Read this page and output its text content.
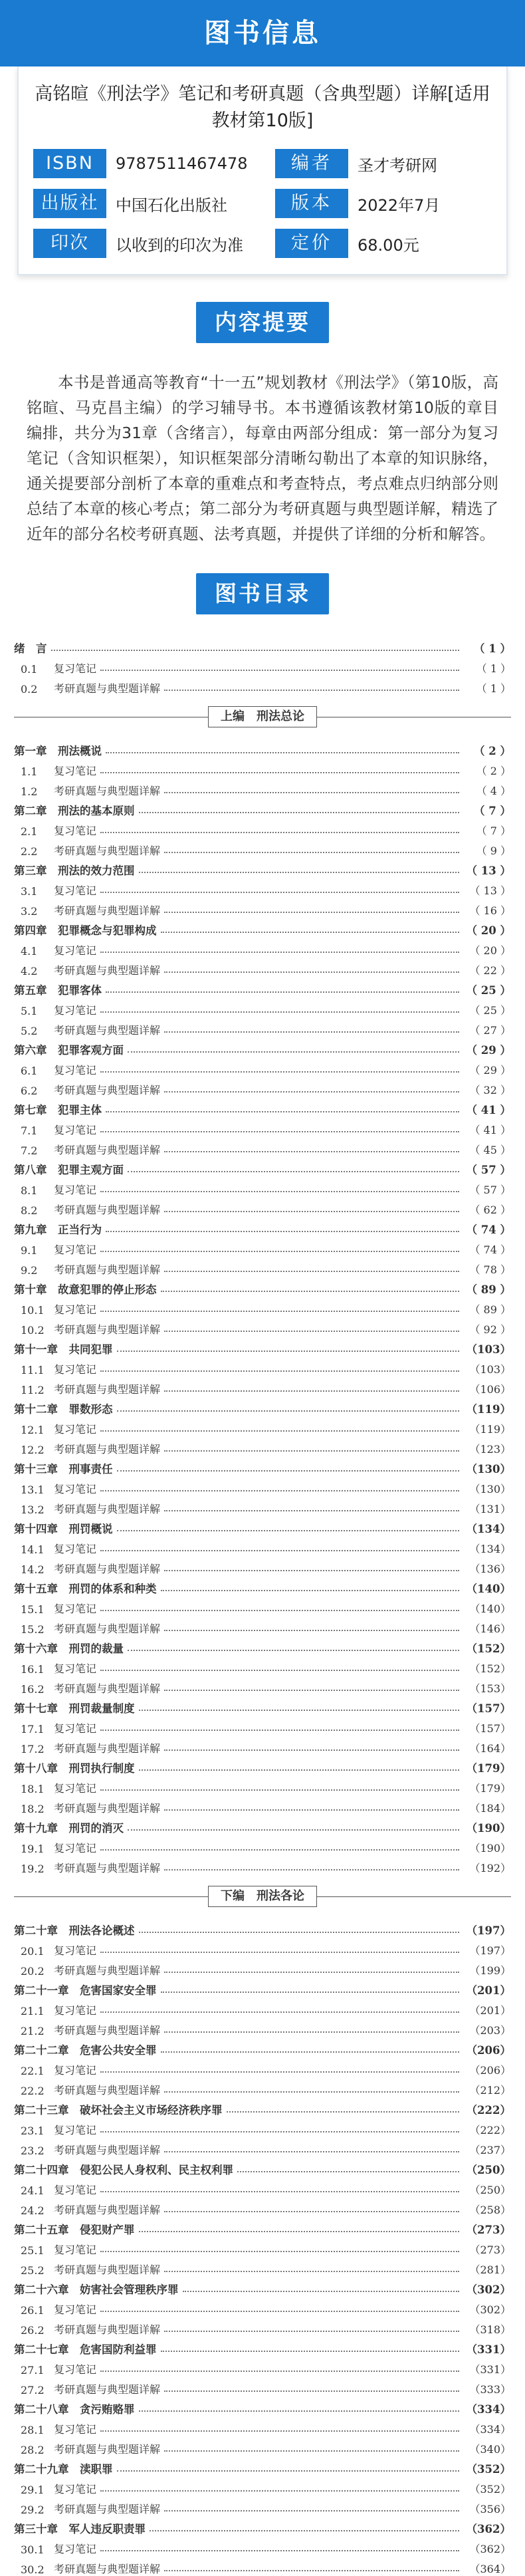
图书信息
高铭暄《刑法学》笔记和考研真题（含典型题）详解[适用教材第10版]
ISBN	9787511467478	编者	圣才考研网
出版社	中国石化出版社	版本	2022年7月
印次	以收到的印次为准	定价	68.00元
内容提要
本书是普通高等教育“十一五”规划教材《刑法学》（第10版，高铭暄、马克昌主编）的学习辅导书。本书遵循该教材第10版的章目编排，共分为31章（含绪言），每章由两部分组成：第一部分为复习笔记（含知识框架），知识框架部分清晰勾勒出了本章的知识脉络，通关提要部分剖析了本章的重难点和考查特点，考点难点归纳部分则总结了本章的核心考点；第二部分为考研真题与典型题详解，精选了近年的部分名校考研真题、法考真题，并提供了详细的分析和解答。
图书目录
绪　言	（ 1 ）
0.1	复习笔记	（ 1 ）
0.2	考研真题与典型题详解	（ 1 ）
上编　刑法总论
第一章 　刑法概说	（ 2 ）
1.1	复习笔记	（ 2 ）
1.2	考研真题与典型题详解	（ 4 ）
第二章 　刑法的基本原则	（ 7 ）
2.1	复习笔记	（ 7 ）
2.2	考研真题与典型题详解	（ 9 ）
第三章 　刑法的效力范围	（ 13 ）
3.1	复习笔记	（ 13 ）
3.2	考研真题与典型题详解	（ 16 ）
第四章 　犯罪概念与犯罪构成	（ 20 ）
4.1	复习笔记	（ 20 ）
4.2	考研真题与典型题详解	（ 22 ）
第五章 　犯罪客体	（ 25 ）
5.1	复习笔记	（ 25 ）
5.2	考研真题与典型题详解	（ 27 ）
第六章 　犯罪客观方面	（ 29 ）
6.1	复习笔记	（ 29 ）
6.2	考研真题与典型题详解	（ 32 ）
第七章 　犯罪主体	（ 41 ）
7.1	复习笔记	（ 41 ）
7.2	考研真题与典型题详解	（ 45 ）
第八章 　犯罪主观方面	（ 57 ）
8.1	复习笔记	（ 57 ）
8.2	考研真题与典型题详解	（ 62 ）
第九章 　正当行为	（ 74 ）
9.1	复习笔记	（ 74 ）
9.2	考研真题与典型题详解	（ 78 ）
第十章 　故意犯罪的停止形态	（ 89 ）
10.1 复习笔记	（ 89 ）
10.2 考研真题与典型题详解	（ 92 ）
第十一章 　共同犯罪	（103）
11.1 复习笔记	（103）
11.2 考研真题与典型题详解	（106）
第十二章 　罪数形态	（119）
12.1 复习笔记	（119）
12.2 考研真题与典型题详解	（123）
第十三章 　刑事责任	（130）
13.1 复习笔记	（130）
13.2 考研真题与典型题详解	（131）
第十四章 　刑罚概说	（134）
14.1 复习笔记	（134）
14.2 考研真题与典型题详解	（136）
第十五章 　刑罚的体系和种类	（140）
15.1 复习笔记	（140）
15.2 考研真题与典型题详解	（146）
第十六章 　刑罚的裁量	（152）
16.1 复习笔记	（152）
16.2 考研真题与典型题详解	（153）
第十七章 　刑罚裁量制度	（157）
17.1 复习笔记	（157）
17.2 考研真题与典型题详解	（164）
第十八章 　刑罚执行制度	（179）
18.1 复习笔记	（179）
18.2 考研真题与典型题详解	（184）
第十九章 　刑罚的消灭	（190）
19.1 复习笔记	（190）
19.2 考研真题与典型题详解	（192）
下编　刑法各论
第二十章 　刑法各论概述	（197）
20.1 复习笔记	（197）
20.2 考研真题与典型题详解	（199）
第二十一章 　危害国家安全罪	（201）
21.1 复习笔记	（201）
21.2 考研真题与典型题详解	（203）
第二十二章 　危害公共安全罪	（206）
22.1 复习笔记	（206）
22.2 考研真题与典型题详解	（212）
第二十三章 　破坏社会主义市场经济秩序罪	（222）
23.1 复习笔记	（222）
23.2 考研真题与典型题详解	（237）
第二十四章 　侵犯公民人身权利、民主权利罪	（250）
24.1 复习笔记	（250）
24.2 考研真题与典型题详解	（258）
第二十五章 　侵犯财产罪	（273）
25.1 复习笔记	（273）
25.2 考研真题与典型题详解	（281）
第二十六章 　妨害社会管理秩序罪	（302）
26.1 复习笔记	（302）
26.2 考研真题与典型题详解	（318）
第二十七章 　危害国防利益罪	（331）
27.1 复习笔记	（331）
27.2 考研真题与典型题详解	（333）
第二十八章 　贪污贿赂罪	（334）
28.1 复习笔记	（334）
28.2 考研真题与典型题详解	（340）
第二十九章 　渎职罪	（352）
29.1 复习笔记	（352）
29.2 考研真题与典型题详解	（356）
第三十章 　军人违反职责罪	（362）
30.1 复习笔记	（362）
30.2 考研真题与典型题详解	（364）
